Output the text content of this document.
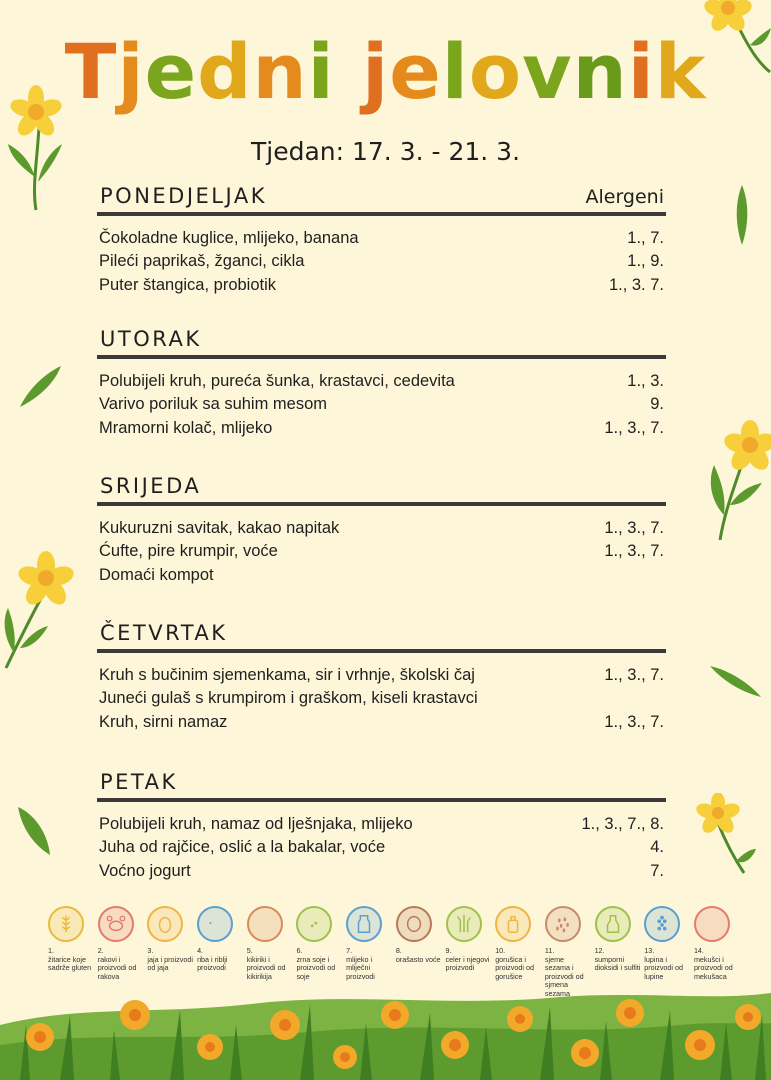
Tjedni jelovnik
Tjedan: 17. 3. - 21. 3.
PONEDJELJAK	Alergeni
Čokoladne kuglice, mlijeko, banana	1., 7.
Pileći paprikaš, žganci, cikla	1., 9.
Puter štangica, probiotik	1., 3. 7.
UTORAK
Polubijeli kruh, pureća šunka, krastavci, cedevita	1., 3.
Varivo poriluk sa suhim mesom	9.
Mramorni kolač, mlijeko	1., 3., 7.
SRIJEDA
Kukuruzni savitak, kakao napitak	1., 3., 7.
Ćufte, pire krumpir, voće	1., 3., 7.
Domaći kompot
ČETVRTAK
Kruh s bučinim sjemenkama, sir i vrhnje, školski čaj	1., 3., 7.
Juneći gulaš s krumpirom i graškom, kiseli krastavci
Kruh, sirni namaz	1., 3., 7.
PETAK
Polubijeli kruh, namaz od lješnjaka, mlijeko	1., 3., 7., 8.
Juha od rajčice, oslić a la bakalar, voće	4.
Voćno jogurt	7.
1.
žitarice koje sadrže gluten
2.
rakovi i proizvodi od rakova
3.
jaja i proizvodi od jaja
4.
riba i riblji proizvodi
5.
kikiriki i proizvodi od kikirikija
6.
zrna soje i proizvodi od soje
7.
mlijeko i mliječni proizvodi
8.
orašasto voće
9.
celer i njegovi proizvodi
10.
gorušica i proizvodi od gorušice
11.
sjeme sezama i proizvodi od sjmena sezama
12.
sumporni dioksidi i sulfiti
13.
lupina i proizvodi od lupine
14.
mekušci i proizvodi od mekušaca
